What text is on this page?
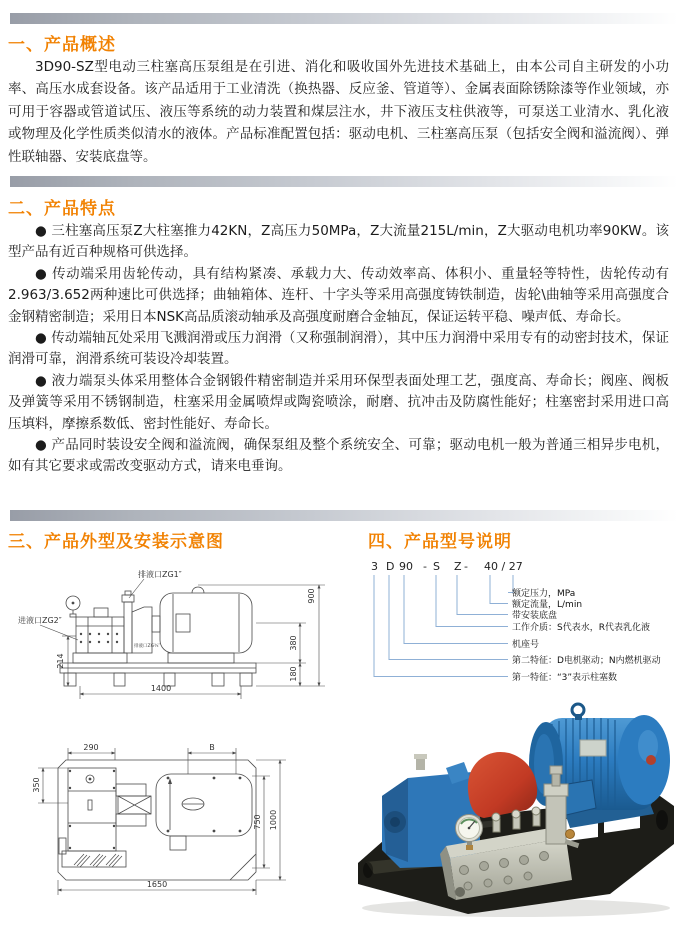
一、产品概述

3D90-SZ型电动三柱塞高压泵组是在引进、消化和吸收国外先进技术基础上，由本公司自主研发的小功率、高压水成套设备。该产品适用于工业清洗（换热器、反应釜、管道等）、金属表面除锈除漆等作业领域，亦可用于容器或管道试压、液压等系统的动力装置和煤层注水，井下液压支柱供液等，可泵送工业清水、乳化液或物理及化学性质类似清水的液体。产品标准配置包括：驱动电机、三柱塞高压泵（包括安全阀和溢流阀）、弹性联轴器、安装底盘等。

二、产品特点

● 三柱塞高压泵Z大柱塞推力42KN，Z高压力50MPa，Z大流量215L/min，Z大驱动电机功率90KW。该型产品有近百种规格可供选择。

● 传动端采用齿轮传动，具有结构紧凑、承载力大、传动效率高、体积小、重量轻等特性，齿轮传动有2.963/3.652两种速比可供选择；曲轴箱体、连杆、十字头等采用高强度铸铁制造，齿轮\曲轴等采用高强度合金钢精密制造；采用日本NSK高品质滚动轴承及高强度耐磨合金轴瓦，保证运转平稳、噪声低、寿命长。

● 传动端轴瓦处采用飞溅润滑或压力润滑（又称强制润滑），其中压力润滑中采用专有的动密封技术，保证润滑可靠，润滑系统可装设冷却装置。

● 液力端泵头体采用整体合金钢锻件精密制造并采用环保型表面处理工艺，强度高、寿命长；阀座、阀板及弹簧等采用不锈钢制造，柱塞采用金属喷焊或陶瓷喷涂，耐磨、抗冲击及防腐性能好；柱塞密封采用进口高压填料，摩擦系数低、密封性能好、寿命长。

● 产品同时装设安全阀和溢流阀，确保泵组及整个系统安全、可靠；驱动电机一般为普通三相异步电机，如有其它要求或需改变驱动方式，请来电垂询。

三、产品外型及安装示意图	四、产品型号说明
排液口ZG1″
进液口ZG2″
排液口ZG¾″
214
1400
380
900
180
3 D 90 - S Z - 40 / 27
额定压力，MPa
额定流量，L/min
带安装底盘
工作介质：S代表水，R代表乳化液
机座号
第二特征：D电机驱动；N内燃机驱动
第一特征：“3”表示柱塞数
290	B
350
750 1000
1650
